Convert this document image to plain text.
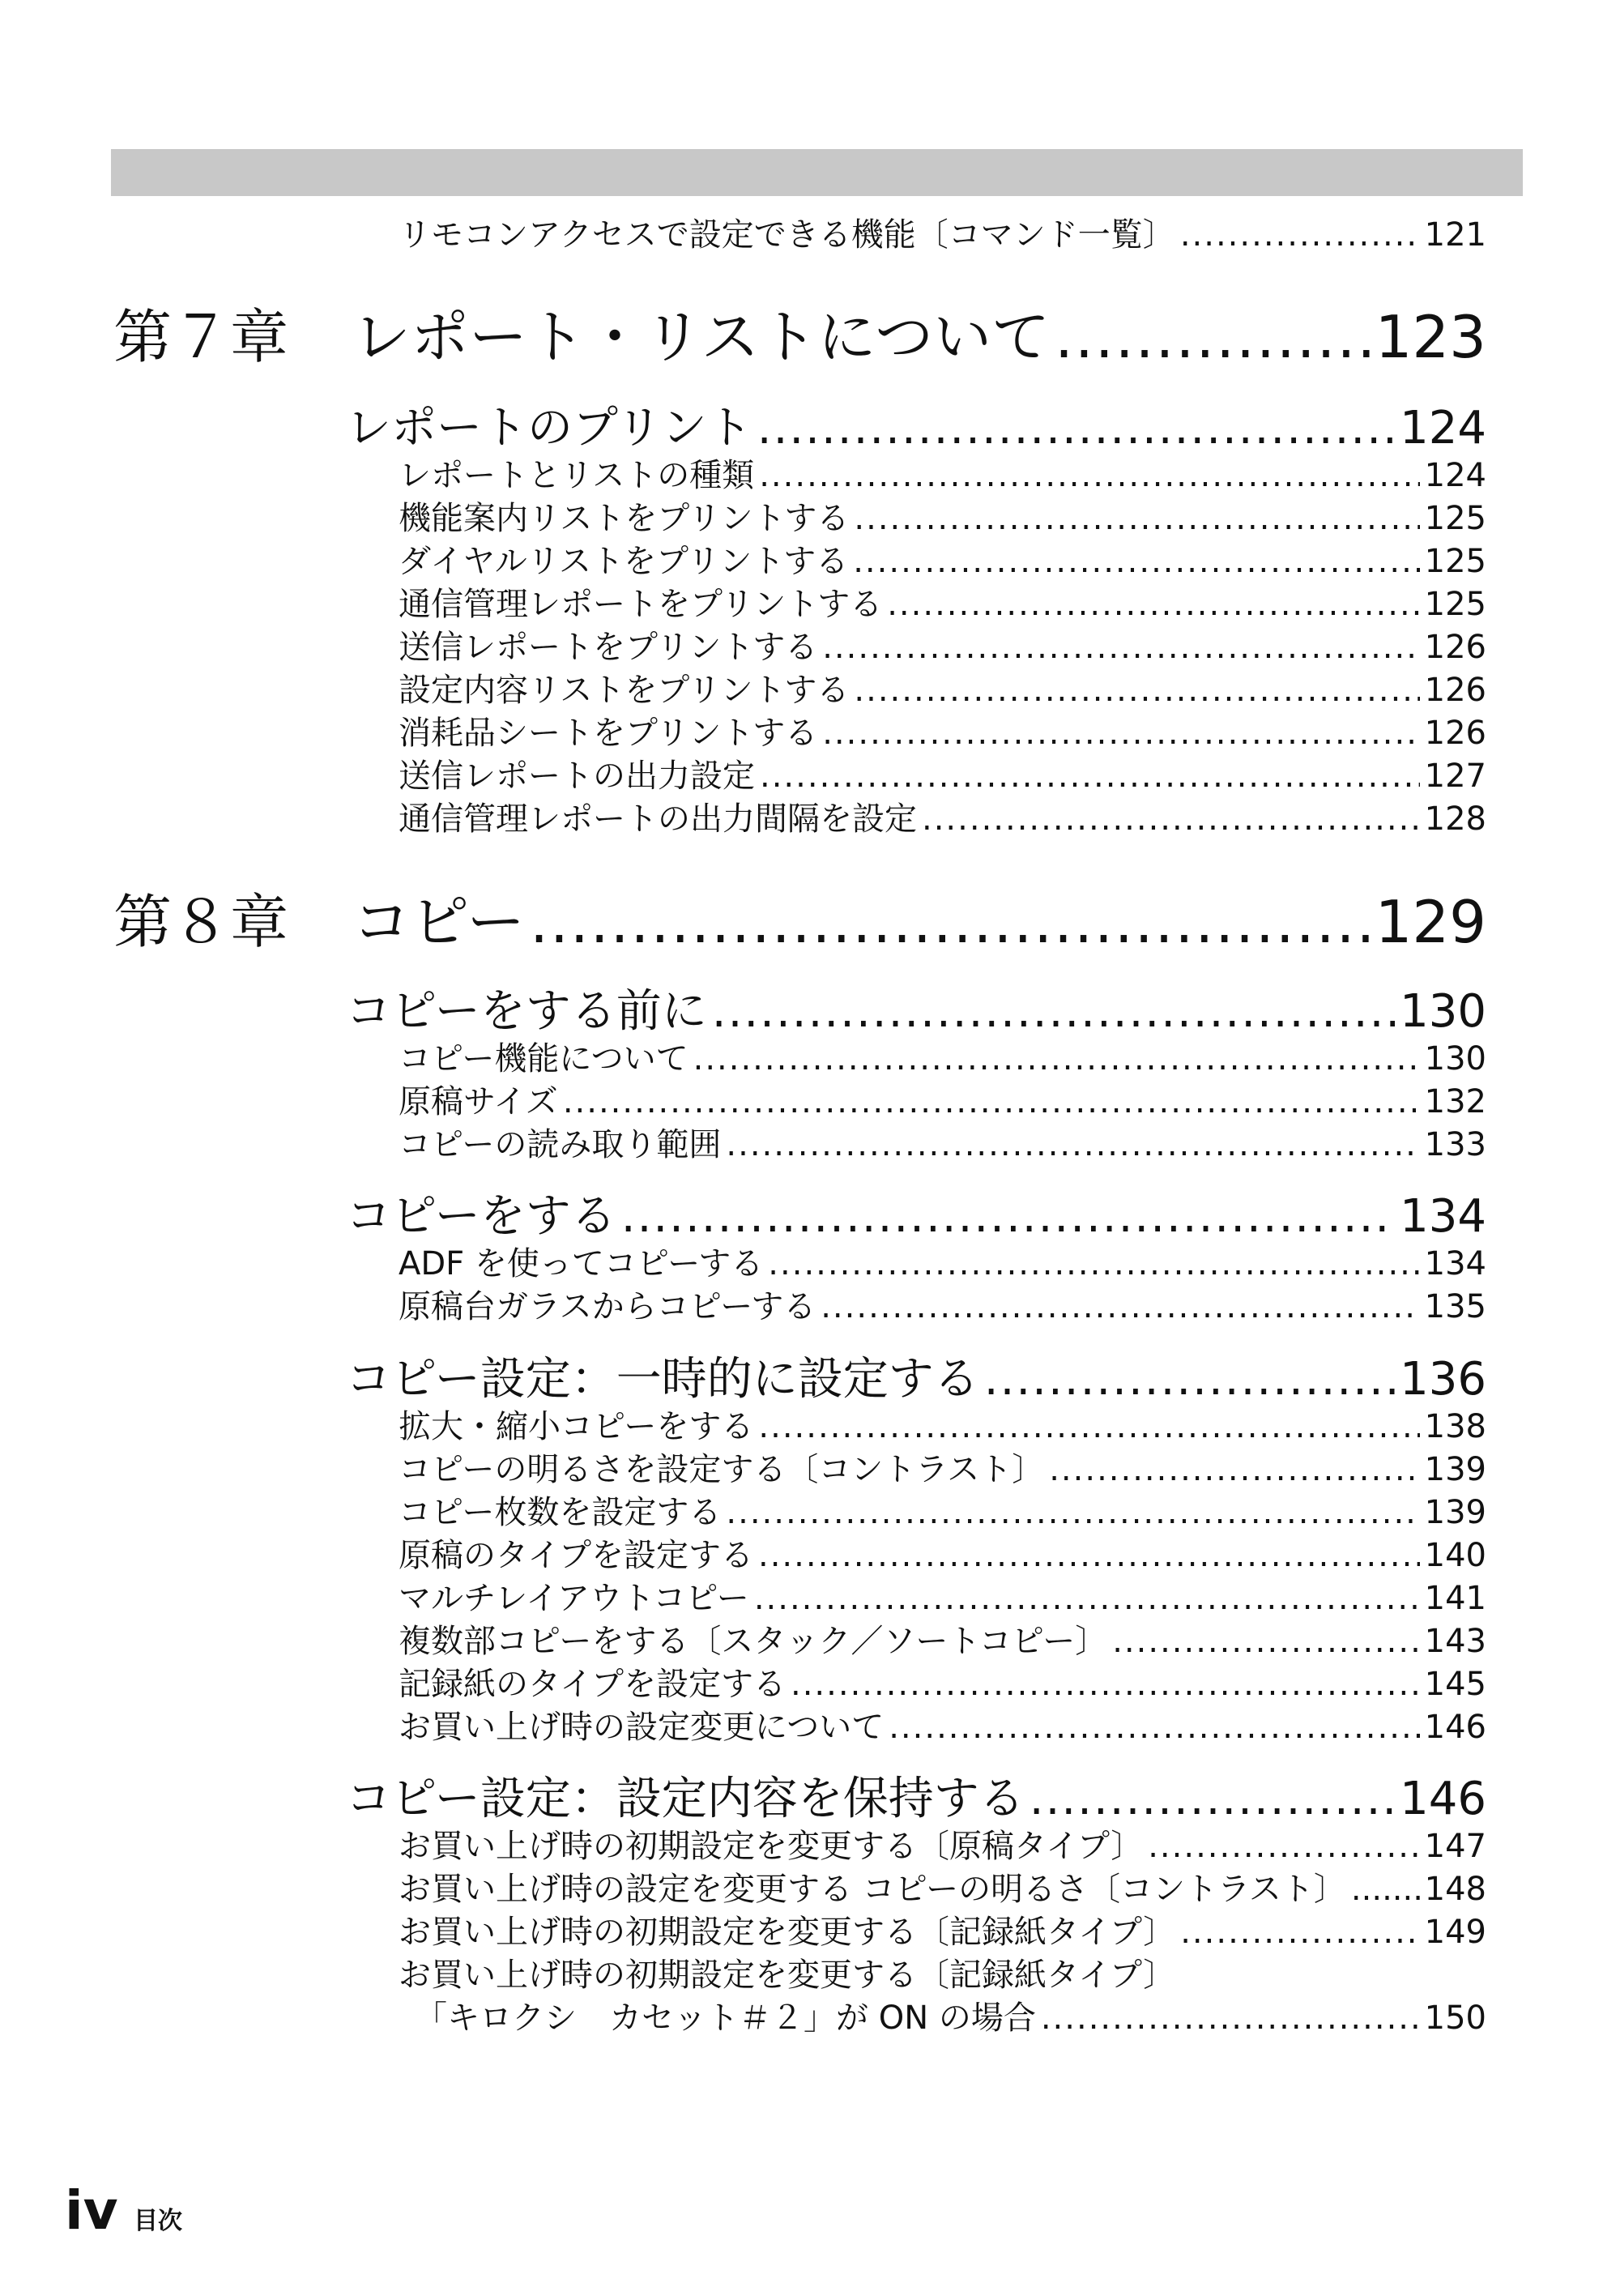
リモコンアクセスで設定できる機能〔コマンド一覧〕 .....	121
第７章	レポート・リストについて .....	123
レポートのプリント .....	124
レポートとリストの種類 .....	124
機能案内リストをプリントする .....	125
ダイヤルリストをプリントする .....	125
通信管理レポートをプリントする .....	125
送信レポートをプリントする .....	126
設定内容リストをプリントする .....	126
消耗品シートをプリントする .....	126
送信レポートの出力設定 .....	127
通信管理レポートの出力間隔を設定 .....	128
第８章	コピー .....	129
コピーをする前に .....	130
コピー機能について .....	130
原稿サイズ .....	132
コピーの読み取り範囲 .....	133
コピーをする .....	134
ADF を使ってコピーする .....	134
原稿台ガラスからコピーする .....	135
コピー設定：一時的に設定する .....	136
拡大・縮小コピーをする .....	138
コピーの明るさを設定する〔コントラスト〕 .....	139
コピー枚数を設定する .....	139
原稿のタイプを設定する .....	140
マルチレイアウトコピー .....	141
複数部コピーをする〔スタック／ソートコピー〕 .....	143
記録紙のタイプを設定する .....	145
お買い上げ時の設定変更について .....	146
コピー設定：設定内容を保持する .....	146
お買い上げ時の初期設定を変更する〔原稿タイプ〕 .....	147
お買い上げ時の設定を変更する コピーの明るさ〔コントラスト〕 ..... 148
お買い上げ時の初期設定を変更する〔記録紙タイプ〕 .....	149
お買い上げ時の初期設定を変更する〔記録紙タイプ〕
「キロクシ　カセット＃２」が ON の場合 .....	150
iv 目次
